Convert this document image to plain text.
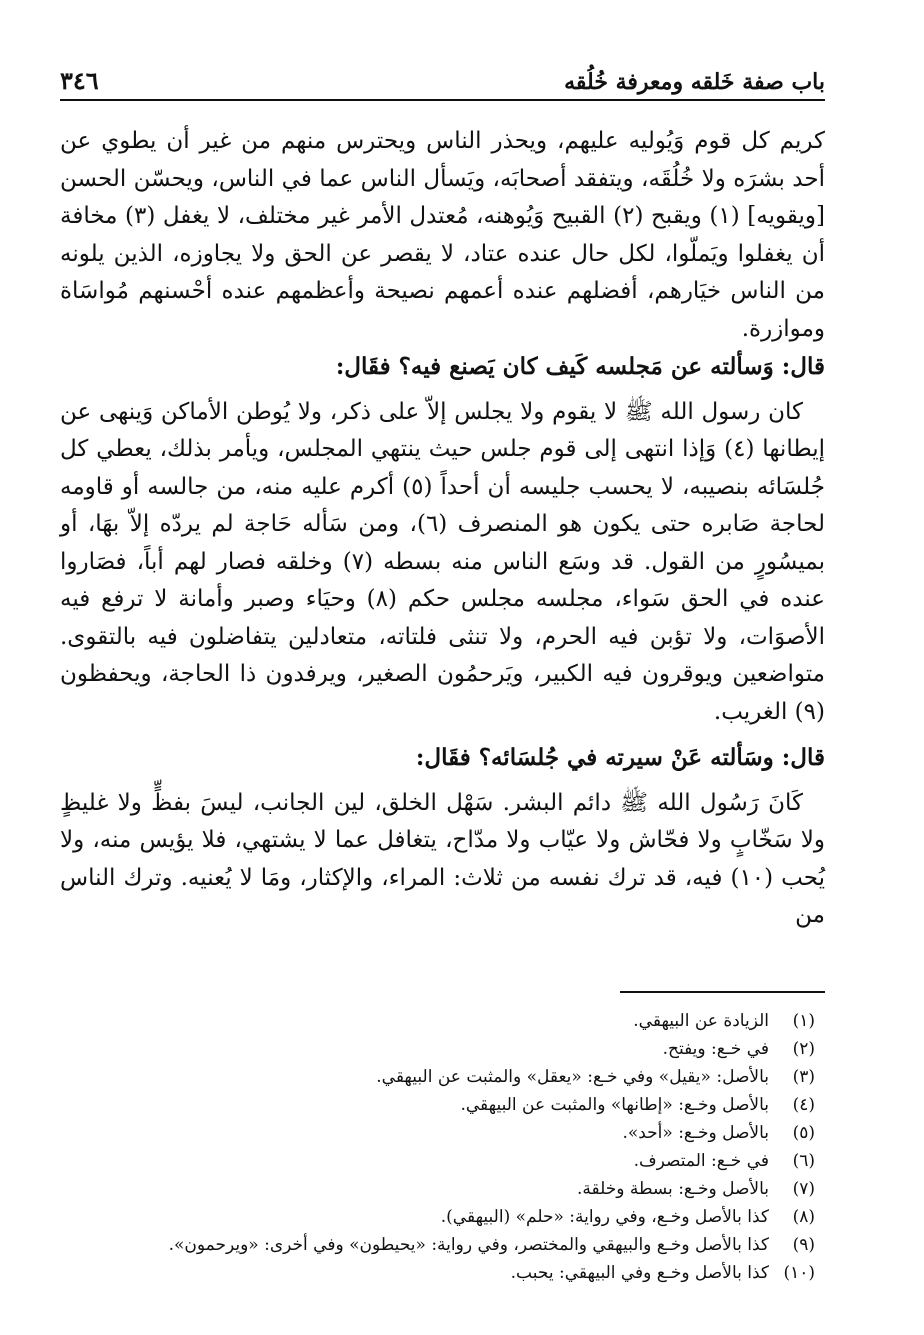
باب صفة خَلقه ومعرفة خُلُقه
٣٤٦

كريم كل قوم وَيُوليه عليهم، ويحذر الناس ويحترس منهم من غير أن يطوي عن أحد بشرَه ولا خُلُقَه، ويتفقد أصحابَه، ويَسأل الناس عما في الناس، ويحسّن الحسن [ويقويه] (١) ويقبح (٢) القبيح وَيُوهنه، مُعتدل الأمر غير مختلف، لا يغفل (٣) مخافة أن يغفلوا ويَملّوا، لكل حال عنده عتاد، لا يقصر عن الحق ولا يجاوزه، الذين يلونه من الناس خيَارهم، أفضلهم عنده أعمهم نصيحة وأعظمهم عنده أحْسنهم مُواسَاة وموازرة.

قال: وَسألته عن مَجلسه كَيف كان يَصنع فيه؟ فقَال:

كان رسول الله ﷺ لا يقوم ولا يجلس إلاّ على ذكر، ولا يُوطن الأماكن وَينهى عن إيطانها (٤) وَإذا انتهى إلى قوم جلس حيث ينتهي المجلس، ويأمر بذلك، يعطي كل جُلسَائه بنصيبه، لا يحسب جليسه أن أحداً (٥) أكرم عليه منه، من جالسه أو قاومه لحاجة صَابره حتى يكون هو المنصرف (٦)، ومن سَأله حَاجة لم يردّه إلاّ بهَا، أو بميسُورٍ من القول. قد وسَع الناس منه بسطه (٧) وخلقه فصار لهم أباً، فصَاروا عنده في الحق سَواء، مجلسه مجلس حكم (٨) وحيَاء وصبر وأمانة لا ترفع فيه الأصوَات، ولا تؤبن فيه الحرم، ولا تنثى فلتاته، متعادلين يتفاضلون فيه بالتقوى. متواضعين ويوقرون فيه الكبير، ويَرحمُون الصغير، ويرفدون ذا الحاجة، ويحفظون (٩) الغريب.

قال: وسَألته عَنْ سيرته في جُلسَائه؟ فقَال:

كَانَ رَسُول الله ﷺ دائم البشر. سَهْل الخلق، لين الجانب، ليسَ بفظٍّ ولا غليظٍ ولا سَخّابٍ ولا فحّاش ولا عيّاب ولا مدّاح، يتغافل عما لا يشتهي، فلا يؤيس منه، ولا يُحب (١٠) فيه، قد ترك نفسه من ثلاث: المراء، والإكثار، ومَا لا يُعنيه. وترك الناس من

(١)
الزيادة عن البيهقي.
(٢)
في خـع: ويفتح.
(٣)
بالأصل: «يقيل» وفي خـع: «يعقل» والمثبت عن البيهقي.
(٤)
بالأصل وخـع: «إطانها» والمثبت عن البيهقي.
(٥)
بالأصل وخـع: «أحد».
(٦)
في خـع: المتصرف.
(٧)
بالأصل وخـع: بسطة وخلقة.
(٨)
كذا بالأصل وخـع، وفي رواية: «حلم» (البيهقي).
(٩)
كذا بالأصل وخـع والبيهقي والمختصر، وفي رواية: «يحيطون» وفي أخرى: «ويرحمون».
(١٠)
كذا بالأصل وخـع وفي البيهقي: يحبب.
